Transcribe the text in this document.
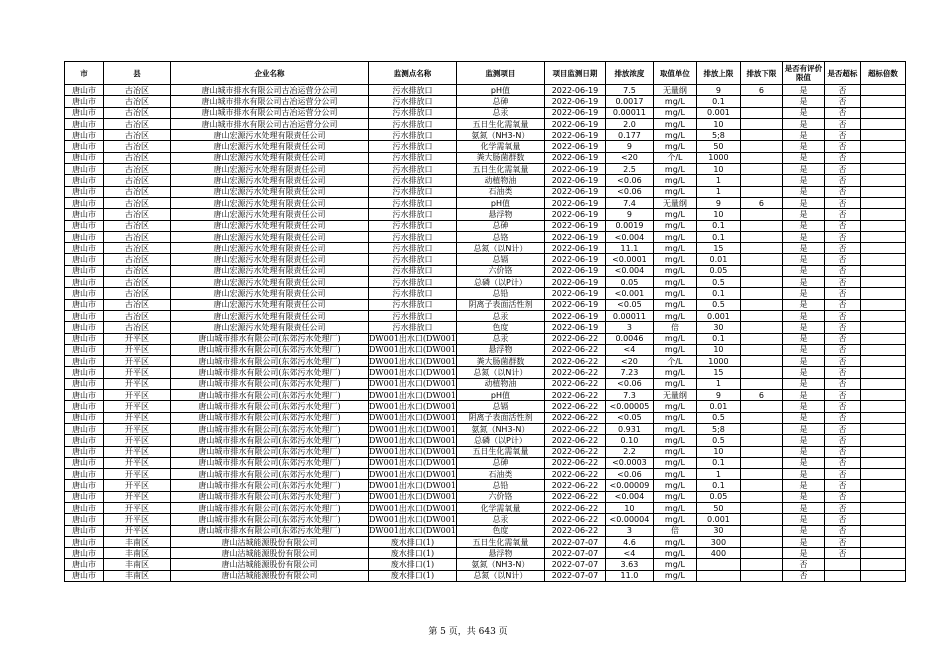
市	县	企业名称	监测点名称	监测项目	项目监测日期	排放浓度	取值单位	排放上限	排放下限	是否有评价限值	是否超标	超标倍数
唐山市	古冶区	唐山城市排水有限公司古冶运营分公司	污水排放口	pH值	2022-06-19	7.5	无量纲	9	6	是	否	
唐山市	古冶区	唐山城市排水有限公司古冶运营分公司	污水排放口	总砷	2022-06-19	0.0017	mg/L	0.1		是	否	
唐山市	古冶区	唐山城市排水有限公司古冶运营分公司	污水排放口	总汞	2022-06-19	0.00011	mg/L	0.001		是	否	
唐山市	古冶区	唐山城市排水有限公司古冶运营分公司	污水排放口	五日生化需氧量	2022-06-19	2.0	mg/L	10		是	否	
唐山市	古冶区	唐山宏源污水处理有限责任公司	污水排放口	氨氮（NH3-N）	2022-06-19	0.177	mg/L	5;8		是	否	
唐山市	古冶区	唐山宏源污水处理有限责任公司	污水排放口	化学需氧量	2022-06-19	9	mg/L	50		是	否	
唐山市	古冶区	唐山宏源污水处理有限责任公司	污水排放口	粪大肠菌群数	2022-06-19	<20	个/L	1000		是	否	
唐山市	古冶区	唐山宏源污水处理有限责任公司	污水排放口	五日生化需氧量	2022-06-19	2.5	mg/L	10		是	否	
唐山市	古冶区	唐山宏源污水处理有限责任公司	污水排放口	动植物油	2022-06-19	<0.06	mg/L	1		是	否	
唐山市	古冶区	唐山宏源污水处理有限责任公司	污水排放口	石油类	2022-06-19	<0.06	mg/L	1		是	否	
唐山市	古冶区	唐山宏源污水处理有限责任公司	污水排放口	pH值	2022-06-19	7.4	无量纲	9	6	是	否	
唐山市	古冶区	唐山宏源污水处理有限责任公司	污水排放口	悬浮物	2022-06-19	9	mg/L	10		是	否	
唐山市	古冶区	唐山宏源污水处理有限责任公司	污水排放口	总砷	2022-06-19	0.0019	mg/L	0.1		是	否	
唐山市	古冶区	唐山宏源污水处理有限责任公司	污水排放口	总铬	2022-06-19	<0.004	mg/L	0.1		是	否	
唐山市	古冶区	唐山宏源污水处理有限责任公司	污水排放口	总氮（以N计）	2022-06-19	11.1	mg/L	15		是	否	
唐山市	古冶区	唐山宏源污水处理有限责任公司	污水排放口	总镉	2022-06-19	<0.0001	mg/L	0.01		是	否	
唐山市	古冶区	唐山宏源污水处理有限责任公司	污水排放口	六价铬	2022-06-19	<0.004	mg/L	0.05		是	否	
唐山市	古冶区	唐山宏源污水处理有限责任公司	污水排放口	总磷（以P计）	2022-06-19	0.05	mg/L	0.5		是	否	
唐山市	古冶区	唐山宏源污水处理有限责任公司	污水排放口	总铅	2022-06-19	<0.001	mg/L	0.1		是	否	
唐山市	古冶区	唐山宏源污水处理有限责任公司	污水排放口	阴离子表面活性剂	2022-06-19	<0.05	mg/L	0.5		是	否	
唐山市	古冶区	唐山宏源污水处理有限责任公司	污水排放口	总汞	2022-06-19	0.00011	mg/L	0.001		是	否	
唐山市	古冶区	唐山宏源污水处理有限责任公司	污水排放口	色度	2022-06-19	3	倍	30		是	否	
唐山市	开平区	唐山城市排水有限公司(东郊污水处理厂)	DW001出水口(DW001	总汞	2022-06-22	0.0046	mg/L	0.1		是	否	
唐山市	开平区	唐山城市排水有限公司(东郊污水处理厂)	DW001出水口(DW001	悬浮物	2022-06-22	<4	mg/L	10		是	否	
唐山市	开平区	唐山城市排水有限公司(东郊污水处理厂)	DW001出水口(DW001	粪大肠菌群数	2022-06-22	<20	个/L	1000		是	否	
唐山市	开平区	唐山城市排水有限公司(东郊污水处理厂)	DW001出水口(DW001	总氮（以N计）	2022-06-22	7.23	mg/L	15		是	否	
唐山市	开平区	唐山城市排水有限公司(东郊污水处理厂)	DW001出水口(DW001	动植物油	2022-06-22	<0.06	mg/L	1		是	否	
唐山市	开平区	唐山城市排水有限公司(东郊污水处理厂)	DW001出水口(DW001	pH值	2022-06-22	7.3	无量纲	9	6	是	否	
唐山市	开平区	唐山城市排水有限公司(东郊污水处理厂)	DW001出水口(DW001	总镉	2022-06-22	<0.00005	mg/L	0.01		是	否	
唐山市	开平区	唐山城市排水有限公司(东郊污水处理厂)	DW001出水口(DW001	阴离子表面活性剂	2022-06-22	<0.05	mg/L	0.5		是	否	
唐山市	开平区	唐山城市排水有限公司(东郊污水处理厂)	DW001出水口(DW001	氨氮（NH3-N）	2022-06-22	0.931	mg/L	5;8		是	否	
唐山市	开平区	唐山城市排水有限公司(东郊污水处理厂)	DW001出水口(DW001	总磷（以P计）	2022-06-22	0.10	mg/L	0.5		是	否	
唐山市	开平区	唐山城市排水有限公司(东郊污水处理厂)	DW001出水口(DW001	五日生化需氧量	2022-06-22	2.2	mg/L	10		是	否	
唐山市	开平区	唐山城市排水有限公司(东郊污水处理厂)	DW001出水口(DW001	总砷	2022-06-22	<0.0003	mg/L	0.1		是	否	
唐山市	开平区	唐山城市排水有限公司(东郊污水处理厂)	DW001出水口(DW001	石油类	2022-06-22	<0.06	mg/L	1		是	否	
唐山市	开平区	唐山城市排水有限公司(东郊污水处理厂)	DW001出水口(DW001	总铅	2022-06-22	<0.00009	mg/L	0.1		是	否	
唐山市	开平区	唐山城市排水有限公司(东郊污水处理厂)	DW001出水口(DW001	六价铬	2022-06-22	<0.004	mg/L	0.05		是	否	
唐山市	开平区	唐山城市排水有限公司(东郊污水处理厂)	DW001出水口(DW001	化学需氧量	2022-06-22	10	mg/L	50		是	否	
唐山市	开平区	唐山城市排水有限公司(东郊污水处理厂)	DW001出水口(DW001	总汞	2022-06-22	<0.00004	mg/L	0.001		是	否	
唐山市	开平区	唐山城市排水有限公司(东郊污水处理厂)	DW001出水口(DW001	色度	2022-06-22	3	倍	30		是	否	
唐山市	丰南区	唐山沽城能源股份有限公司	废水排口(1)	五日生化需氧量	2022-07-07	4.6	mg/L	300		是	否	
唐山市	丰南区	唐山沽城能源股份有限公司	废水排口(1)	悬浮物	2022-07-07	<4	mg/L	400		是	否	
唐山市	丰南区	唐山沽城能源股份有限公司	废水排口(1)	氨氮（NH3-N）	2022-07-07	3.63	mg/L			否		
唐山市	丰南区	唐山沽城能源股份有限公司	废水排口(1)	总氮（以N计）	2022-07-07	11.0	mg/L			否		
第 5 页，共 643 页
